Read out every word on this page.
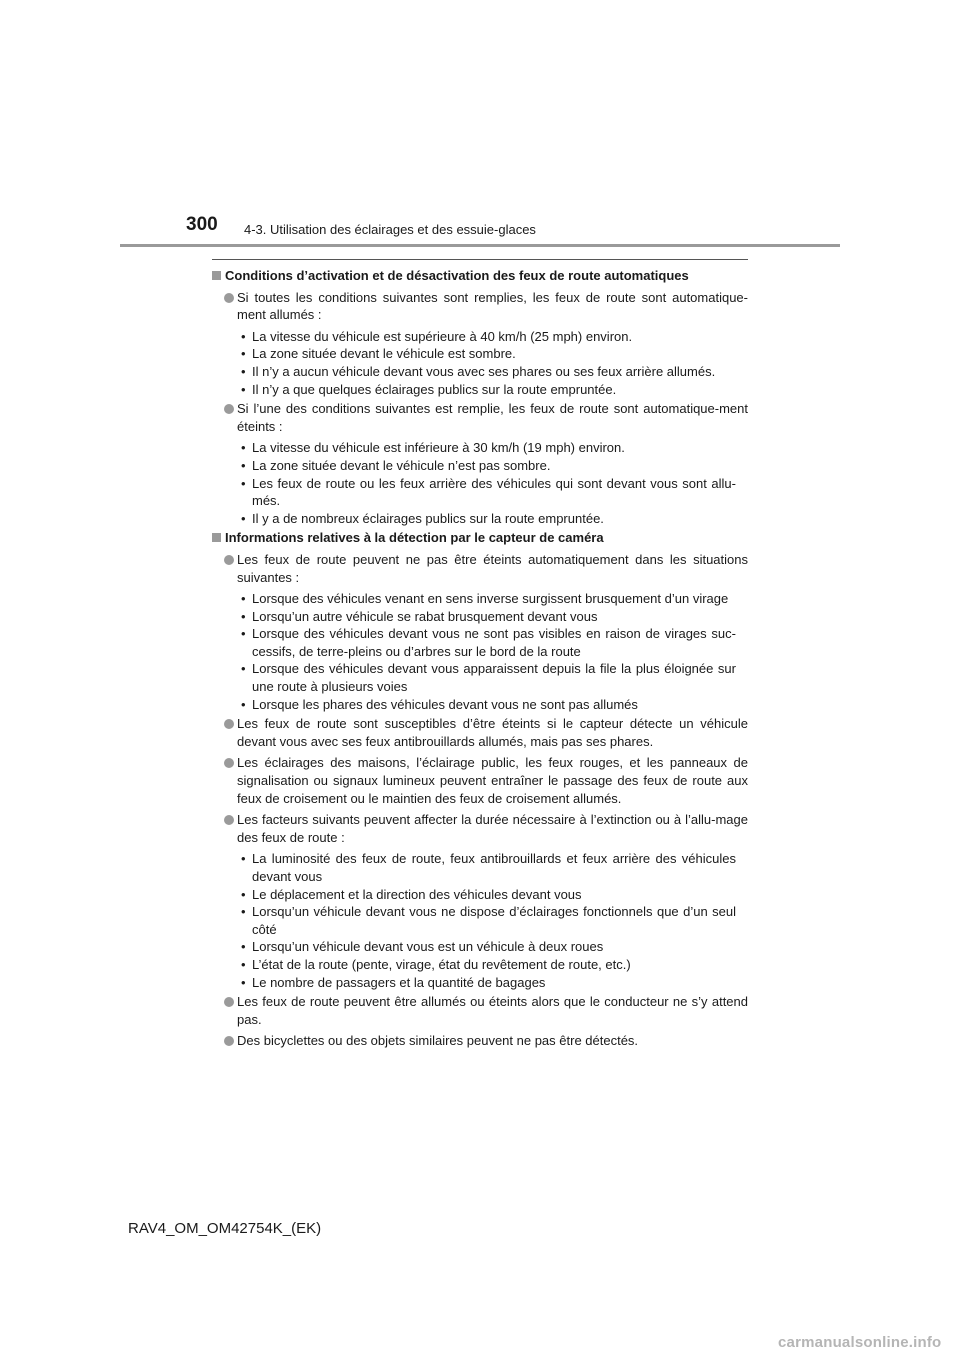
300 4-3. Utilisation des éclairages et des essuie-glaces
Conditions d’activation et de désactivation des feux de route automatiques
Si toutes les conditions suivantes sont remplies, les feux de route sont automatique-ment allumés :
• La vitesse du véhicule est supérieure à 40 km/h (25 mph) environ.
• La zone située devant le véhicule est sombre.
• Il n’y a aucun véhicule devant vous avec ses phares ou ses feux arrière allumés.
• Il n’y a que quelques éclairages publics sur la route empruntée.
Si l’une des conditions suivantes est remplie, les feux de route sont automatique-ment éteints :
• La vitesse du véhicule est inférieure à 30 km/h (19 mph) environ.
• La zone située devant le véhicule n’est pas sombre.
• Les feux de route ou les feux arrière des véhicules qui sont devant vous sont allu-més.
• Il y a de nombreux éclairages publics sur la route empruntée.
Informations relatives à la détection par le capteur de caméra
Les feux de route peuvent ne pas être éteints automatiquement dans les situations suivantes :
• Lorsque des véhicules venant en sens inverse surgissent brusquement d’un virage
• Lorsqu’un autre véhicule se rabat brusquement devant vous
• Lorsque des véhicules devant vous ne sont pas visibles en raison de virages suc-cessifs, de terre-pleins ou d’arbres sur le bord de la route
• Lorsque des véhicules devant vous apparaissent depuis la file la plus éloignée sur une route à plusieurs voies
• Lorsque les phares des véhicules devant vous ne sont pas allumés
Les feux de route sont susceptibles d’être éteints si le capteur détecte un véhicule devant vous avec ses feux antibrouillards allumés, mais pas ses phares.
Les éclairages des maisons, l’éclairage public, les feux rouges, et les panneaux de signalisation ou signaux lumineux peuvent entraîner le passage des feux de route aux feux de croisement ou le maintien des feux de croisement allumés.
Les facteurs suivants peuvent affecter la durée nécessaire à l’extinction ou à l’allu-mage des feux de route :
• La luminosité des feux de route, feux antibrouillards et feux arrière des véhicules devant vous
• Le déplacement et la direction des véhicules devant vous
• Lorsqu’un véhicule devant vous ne dispose d’éclairages fonctionnels que d’un seul côté
• Lorsqu’un véhicule devant vous est un véhicule à deux roues
• L’état de la route (pente, virage, état du revêtement de route, etc.)
• Le nombre de passagers et la quantité de bagages
Les feux de route peuvent être allumés ou éteints alors que le conducteur ne s’y attend pas.
Des bicyclettes ou des objets similaires peuvent ne pas être détectés.
RAV4_OM_OM42754K_(EK)
carmanualsonline.info
